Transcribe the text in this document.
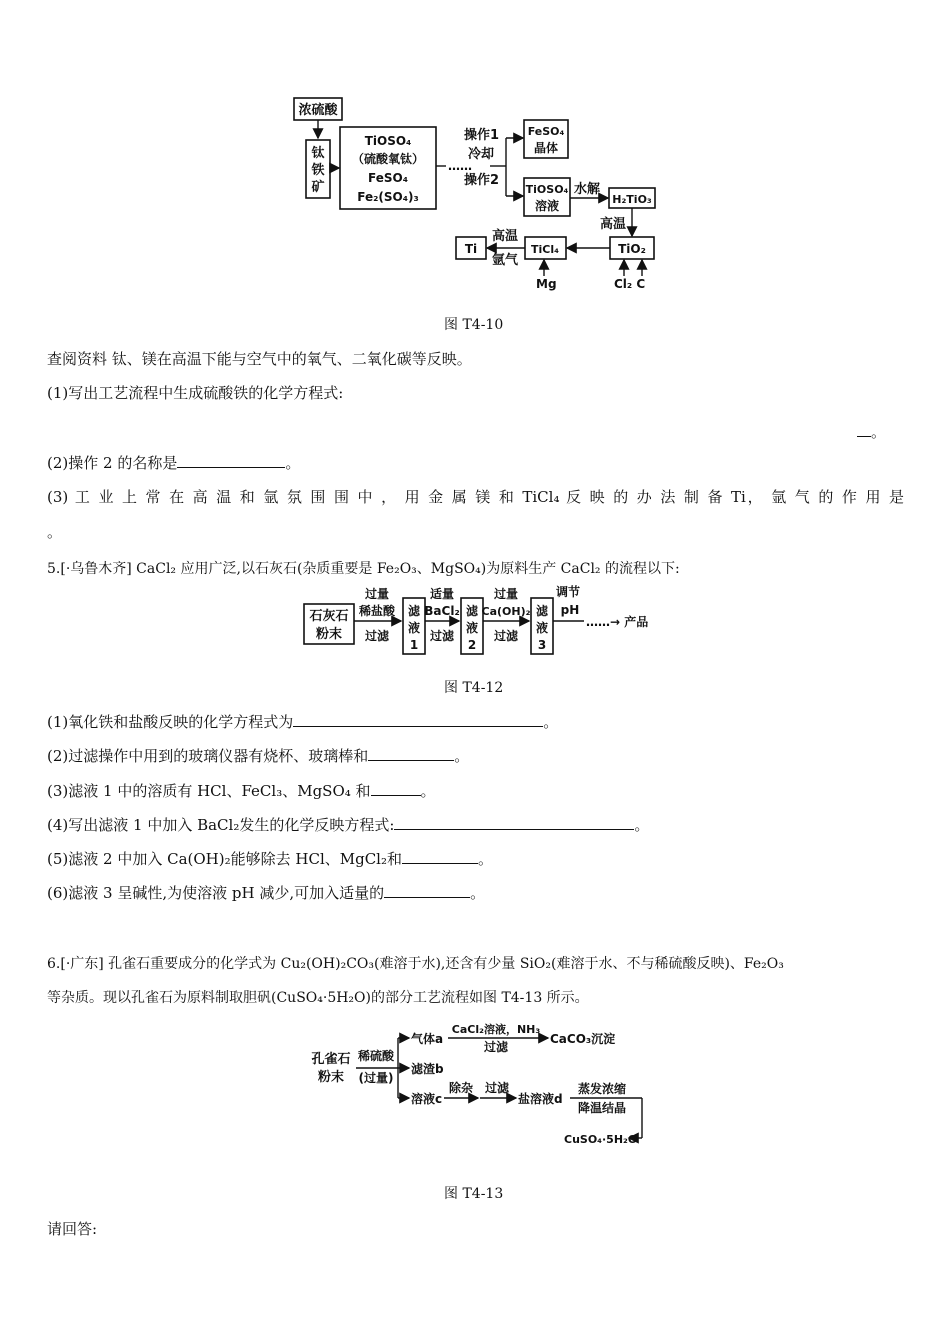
浓硫酸
钛
铁
矿
TiOSO₄
（硫酸氧钛）
FeSO₄
Fe₂(SO₄)₃
……
操作1
冷却
操作2
FeSO₄
晶体
TiOSO₄
溶液
水解
H₂TiO₃
高温
TiO₂
Cl₂ C
TiCl₄
Mg
高温
氩气
Ti
图 T4-10
查阅资料 钛、镁在高温下能与空气中的氧气、二氧化碳等反映。
(1)写出工艺流程中生成硫酸铁的化学方程式:
。
(2)操作 2 的名称是	。
(3) 工 业 上 常 在 高 温 和 氩 氛 围 围 中 ， 用 金 属 镁 和 TiCl₄ 反 映 的 办 法 制 备 Ti， 氩 气 的 作 用 是
。
5.[·乌鲁木齐] CaCl₂ 应用广泛,以石灰石(杂质重要是 Fe₂O₃、MgSO₄)为原料生产 CaCl₂ 的流程以下:
石灰石
粉末
过量
稀盐酸
过滤
滤
液
1
适量
BaCl₂
过滤
滤
液
2
过量
Ca(OH)₂
过滤
滤
液
3
调节
pH
……→ 产品
图 T4-12
(1)氧化铁和盐酸反映的化学方程式为	。
(2)过滤操作中用到的玻璃仪器有烧杯、玻璃棒和	。
(3)滤液 1 中的溶质有 HCl、FeCl₃、MgSO₄ 和	。
(4)写出滤液 1 中加入 BaCl₂发生的化学反映方程式:	。
(5)滤液 2 中加入 Ca(OH)₂能够除去 HCl、MgCl₂和	。
(6)滤液 3 呈碱性,为使溶液 pH 减少,可加入适量的	。
6.[·广东] 孔雀石重要成分的化学式为 Cu₂(OH)₂CO₃(难溶于水),还含有少量 SiO₂(难溶于水、不与稀硫酸反映)、Fe₂O₃
等杂质。现以孔雀石为原料制取胆矾(CuSO₄·5H₂O)的部分工艺流程如图 T4-13 所示。
孔雀石
粉末
稀硫酸
(过量)
气体a
CaCl₂溶液，NH₃
过滤
CaCO₃沉淀
滤渣b
溶液c
除杂 过滤
盐溶液d
蒸发浓缩
降温结晶
CuSO₄·5H₂O
图 T4-13
请回答:
